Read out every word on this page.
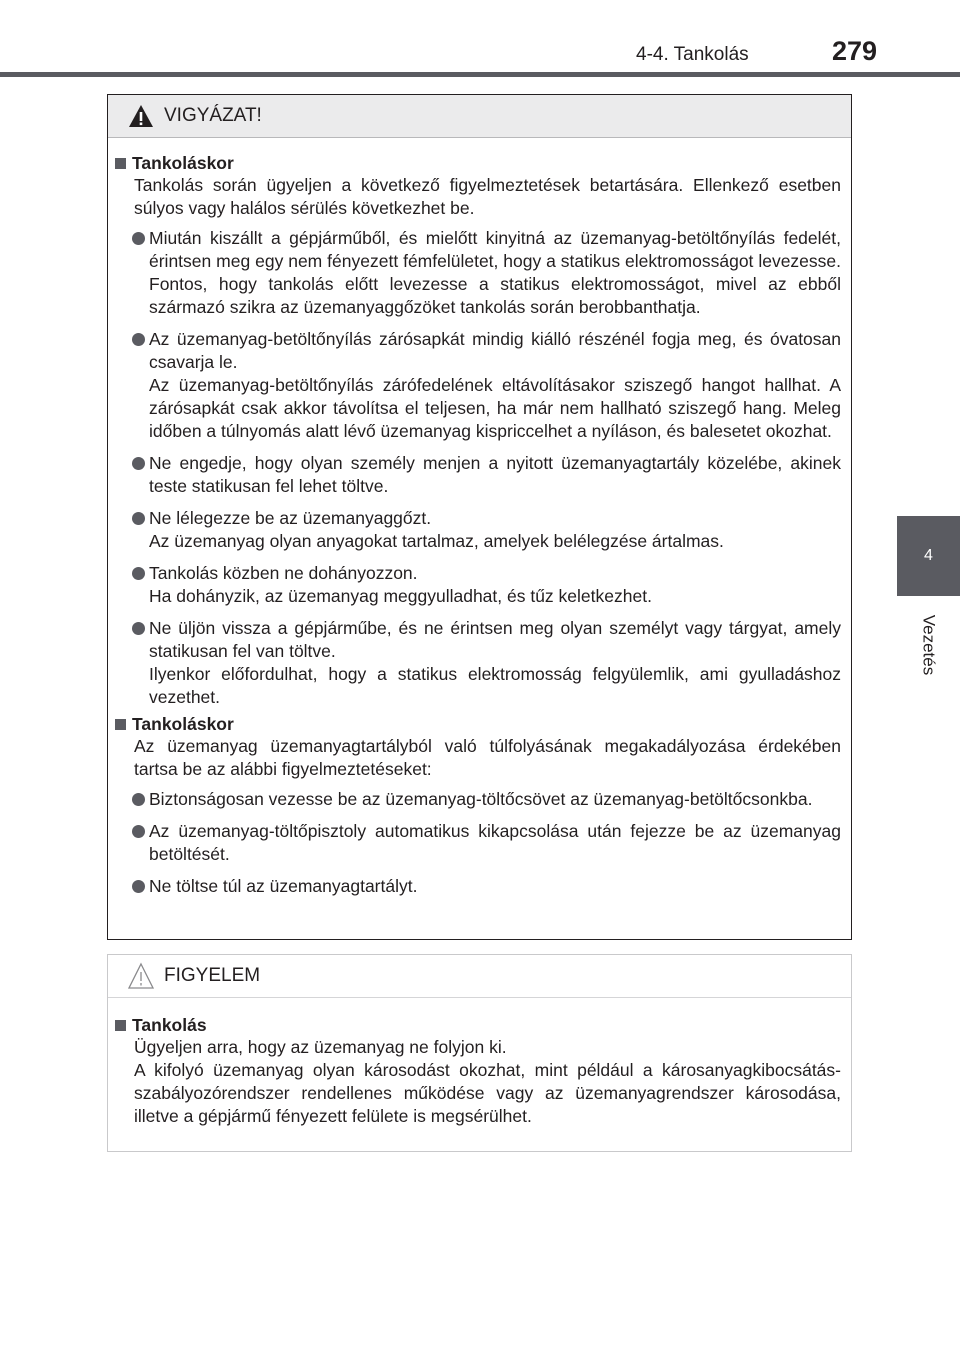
4-4. Tankolás	279
4
Vezetés
VIGYÁZAT!
Tankoláskor

Tankolás során ügyeljen a következő figyelmeztetések betartására. Ellenkező esetben súlyos vagy halálos sérülés következhet be.

Miután kiszállt a gépjárműből, és mielőtt kinyitná az üzemanyag-betöltőnyílás fedelét, érintsen meg egy nem fényezett fémfelületet, hogy a statikus elektromosságot levezesse. Fontos, hogy tankolás előtt levezesse a statikus elektromosságot, mivel az ebből származó szikra az üzemanyaggőzöket tankolás során berobbanthatja.
Az üzemanyag-betöltőnyílás zárósapkát mindig kiálló részénél fogja meg, és óvatosan csavarja le.
Az üzemanyag-betöltőnyílás zárófedelének eltávolításakor sziszegő hangot hallhat. A zárósapkát csak akkor távolítsa el teljesen, ha már nem hallható sziszegő hang. Meleg időben a túlnyomás alatt lévő üzemanyag kispriccelhet a nyíláson, és balesetet okozhat.
Ne engedje, hogy olyan személy menjen a nyitott üzemanyagtartály közelébe, akinek teste statikusan fel lehet töltve.
Ne lélegezze be az üzemanyaggőzt.
Az üzemanyag olyan anyagokat tartalmaz, amelyek belélegzése ártalmas.
Tankolás közben ne dohányozzon.
Ha dohányzik, az üzemanyag meggyulladhat, és tűz keletkezhet.
Ne üljön vissza a gépjárműbe, és ne érintsen meg olyan személyt vagy tárgyat, amely statikusan fel van töltve.
Ilyenkor előfordulhat, hogy a statikus elektromosság felgyülemlik, ami gyulladáshoz vezethet.
Tankoláskor

Az üzemanyag üzemanyagtartályból való túlfolyásának megakadályozása érdekében tartsa be az alábbi figyelmeztetéseket:

Biztonságosan vezesse be az üzemanyag-töltőcsövet az üzemanyag-betöltőcsonkba.
Az üzemanyag-töltőpisztoly automatikus kikapcsolása után fejezze be az üzemanyag betöltését.
Ne töltse túl az üzemanyagtartályt.
FIGYELEM
Tankolás

Ügyeljen arra, hogy az üzemanyag ne folyjon ki.
A kifolyó üzemanyag olyan károsodást okozhat, mint például a károsanyagkibocsátás-szabályozórendszer rendellenes működése vagy az üzemanyagrendszer károsodása, illetve a gépjármű fényezett felülete is megsérülhet.
